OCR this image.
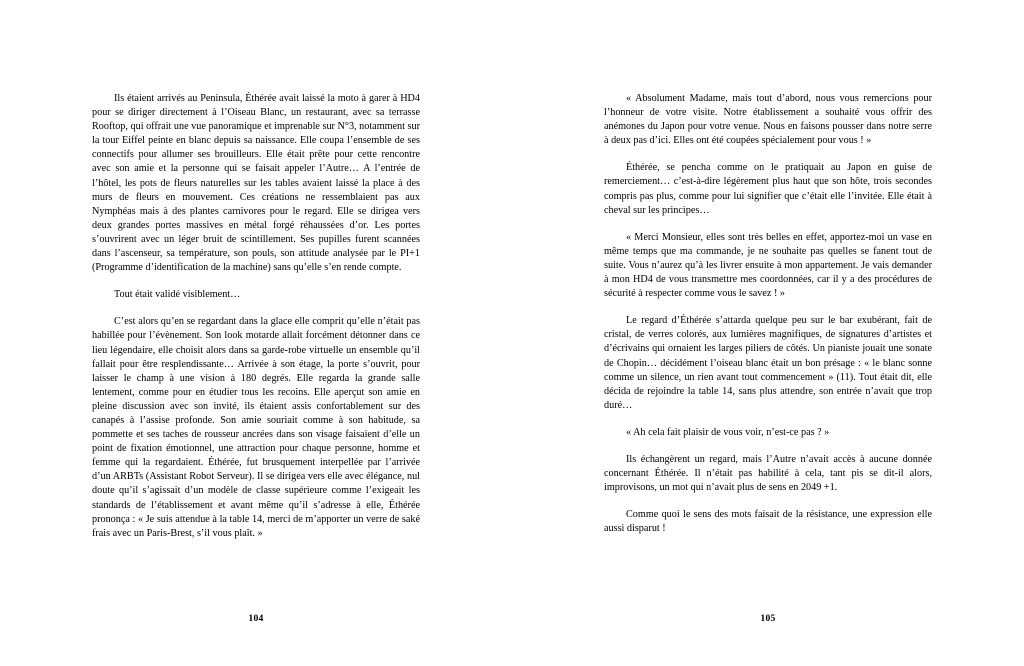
Ils étaient arrivés au Peninsula, Éthérée avait laissé la moto à garer à HD4 pour se diriger directement à l’Oiseau Blanc, un restaurant, avec sa terrasse Rooftop, qui offrait une vue panoramique et imprenable sur N°3, notamment sur la tour Eiffel peinte en blanc depuis sa naissance. Elle coupa l’ensemble de ses connectifs pour allumer ses brouilleurs. Elle était prête pour cette rencontre avec son amie et la personne qui se faisait appeler l’Autre… A l’entrée de l’hôtel, les pots de fleurs naturelles sur les tables avaient laissé la place à des murs de fleurs en mouvement. Ces créations ne ressemblaient pas aux Nymphéas mais à des plantes carnivores pour le regard. Elle se dirigea vers deux grandes portes massives en métal forgé réhaussées d’or. Les portes s’ouvrirent avec un léger bruit de scintillement. Ses pupilles furent scannées dans l’ascenseur, sa température, son pouls, son attitude analysée par le PI+1 (Programme d’identification de la machine) sans qu’elle s’en rende compte.

Tout était validé visiblement…

C’est alors qu’en se regardant dans la glace elle comprit qu’elle n’était pas habillée pour l’évènement. Son look motarde allait forcément détonner dans ce lieu légendaire, elle choisit alors dans sa garde-robe virtuelle un ensemble qu’il fallait pour être resplendissante… Arrivée à son étage, la porte s’ouvrit, pour laisser le champ à une vision à 180 degrés. Elle regarda la grande salle lentement, comme pour en étudier tous les recoins. Elle aperçut son amie en pleine discussion avec son invité, ils étaient assis confortablement sur des canapés à l’assise profonde. Son amie souriait comme à son habitude, sa pommette et ses taches de rousseur ancrées dans son visage faisaient d’elle un point de fixation émotionnel, une attraction pour chaque personne, homme et femme qui la regardaient. Éthérée, fut brusquement interpellée par l’arrivée d’un ARBTs (Assistant Robot Serveur). Il se dirigea vers elle avec élégance, nul doute qu’il s’agissait d’un modèle de classe supérieure comme l’exigeait les standards de l’établissement et avant même qu’il s’adresse à elle, Éthérée prononça : « Je suis attendue à la table 14, merci de m’apporter un verre de saké frais avec un Paris-Brest, s’il vous plaît. »

104

« Absolument Madame, mais tout d’abord, nous vous remercions pour l’honneur de votre visite. Notre établissement a souhaité vous offrir des anémones du Japon pour votre venue. Nous en faisons pousser dans notre serre à deux pas d’ici. Elles ont été coupées spécialement pour vous ! »

Éthérée, se pencha comme on le pratiquait au Japon en guise de remerciement… c’est-à-dire légèrement plus haut que son hôte, trois secondes compris pas plus, comme pour lui signifier que c’était elle l’invitée. Elle était à cheval sur les principes…

« Merci Monsieur, elles sont très belles en effet, apportez-moi un vase en même temps que ma commande, je ne souhaite pas quelles se fanent tout de suite. Vous n’aurez qu’à les livrer ensuite à mon appartement. Je vais demander à mon HD4 de vous transmettre mes coordonnées, car il y a des procédures de sécurité à respecter comme vous le savez ! »

Le regard d’Éthérée s’attarda quelque peu sur le bar exubérant, fait de cristal, de verres colorés, aux lumières magnifiques, de signatures d’artistes et d’écrivains qui ornaient les larges piliers de côtés. Un pianiste jouait une sonate de Chopin… décidément l’oiseau blanc était un bon présage : « le blanc sonne comme un silence, un rien avant tout commencement » (11). Tout était dit, elle décida de rejoindre la table 14, sans plus attendre, son entrée n’avait que trop duré…

« Ah cela fait plaisir de vous voir, n’est-ce pas ? »

Ils échangèrent un regard, mais l’Autre n’avait accès à aucune donnée concernant Éthérée. Il n’était pas habilité à cela, tant pis se dit-il alors, improvisons, un mot qui n’avait plus de sens en 2049 +1.

Comme quoi le sens des mots faisait de la résistance, une expression elle aussi disparut !

105
